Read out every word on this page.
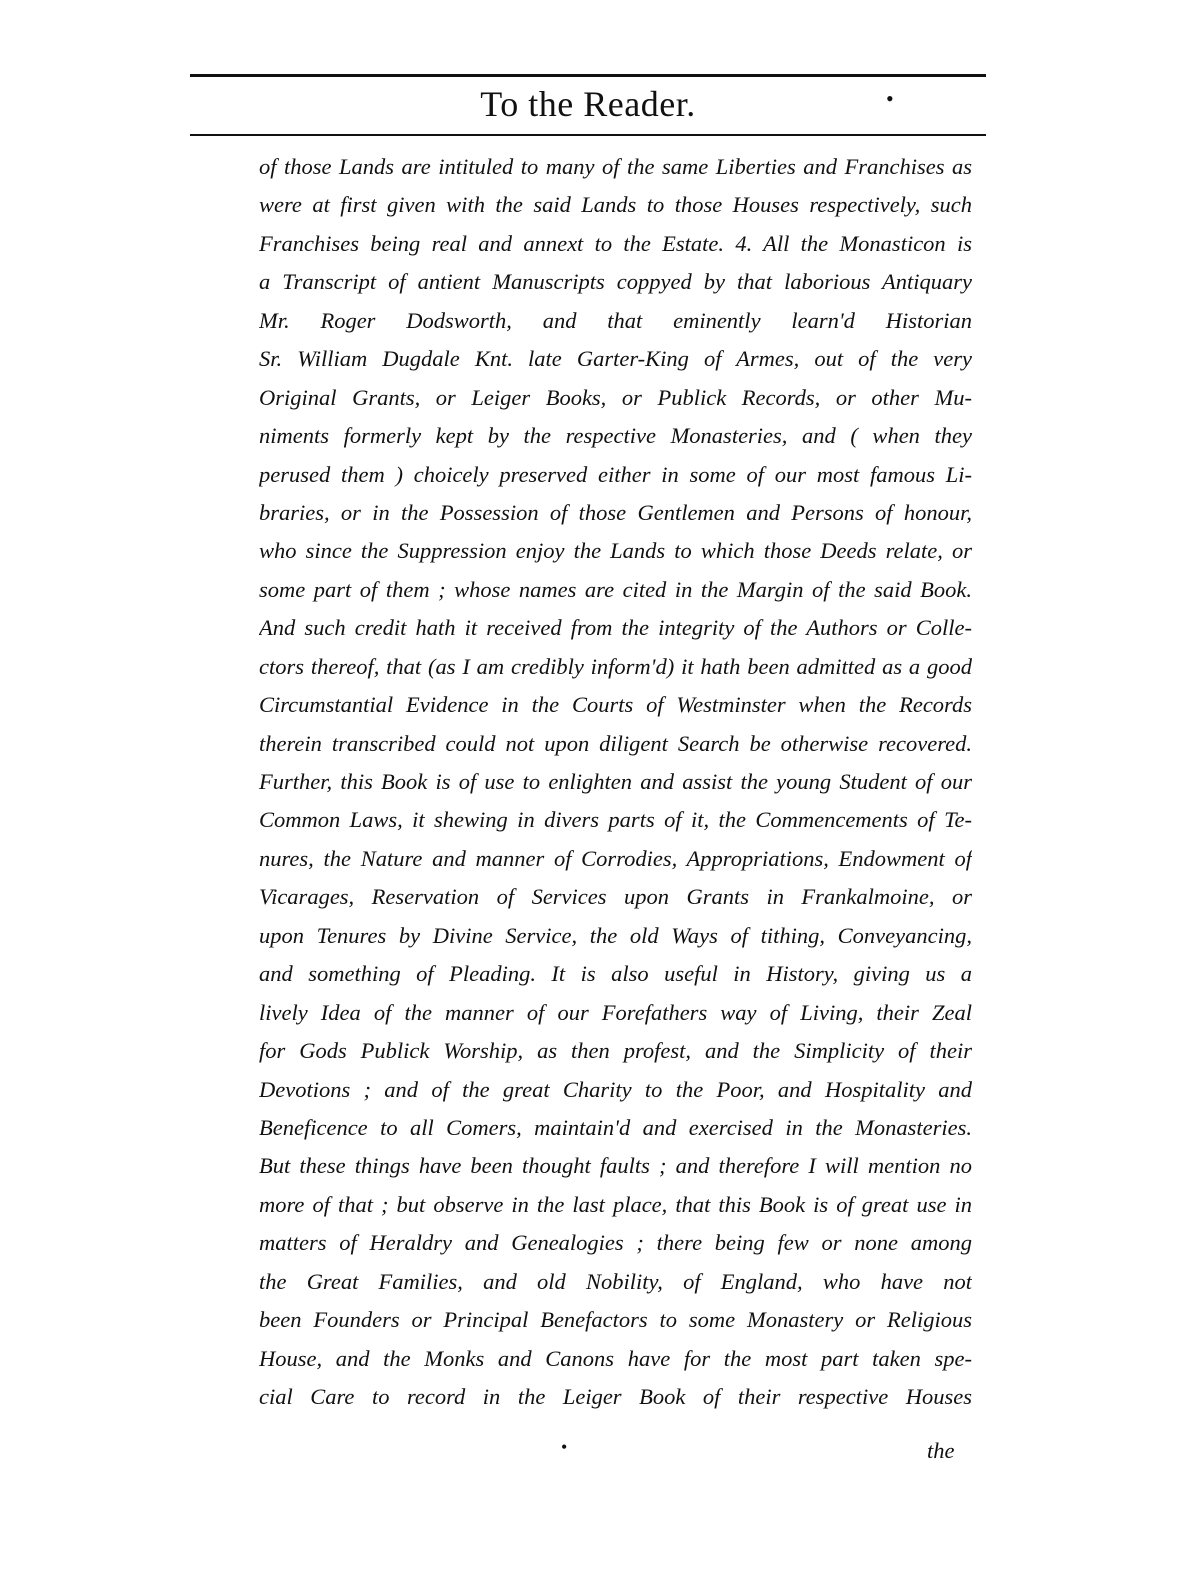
To the Reader.	•
of those Lands are intituled to many of the same Liberties and Franchises as
were at first given with the said Lands to those Houses respectively, such
Franchises being real and annext to the Estate. 4. All the Monasticon is
a Transcript of antient Manuscripts coppyed by that laborious Antiquary
Mr. Roger Dodsworth, and that eminently learn'd Historian
Sr. William Dugdale Knt. late Garter-King of Armes, out of the very
Original Grants, or Leiger Books, or Publick Records, or other Mu-
niments formerly kept by the respective Monasteries, and ( when they
perused them ) choicely preserved either in some of our most famous Li-
braries, or in the Possession of those Gentlemen and Persons of honour,
who since the Suppression enjoy the Lands to which those Deeds relate, or
some part of them ; whose names are cited in the Margin of the said Book.
And such credit hath it received from the integrity of the Authors or Colle-
ctors thereof, that (as I am credibly inform'd) it hath been admitted as a good
Circumstantial Evidence in the Courts of Westminster when the Records
therein transcribed could not upon diligent Search be otherwise recovered.
Further, this Book is of use to enlighten and assist the young Student of our
Common Laws, it shewing in divers parts of it, the Commencements of Te-
nures, the Nature and manner of Corrodies, Appropriations, Endowment of
Vicarages, Reservation of Services upon Grants in Frankalmoine, or
upon Tenures by Divine Service, the old Ways of tithing, Conveyancing,
and something of Pleading. It is also useful in History, giving us a
lively Idea of the manner of our Forefathers way of Living, their Zeal
for Gods Publick Worship, as then profest, and the Simplicity of their
Devotions ; and of the great Charity to the Poor, and Hospitality and
Beneficence to all Comers, maintain'd and exercised in the Monasteries.
But these things have been thought faults ; and therefore I will mention no
more of that ; but observe in the last place, that this Book is of great use in
matters of Heraldry and Genealogies ; there being few or none among
the Great Families, and old Nobility, of England, who have not
been Founders or Principal Benefactors to some Monastery or Religious
House, and the Monks and Canons have for the most part taken spe-
cial Care to record in the Leiger Book of their respective Houses
•	the
